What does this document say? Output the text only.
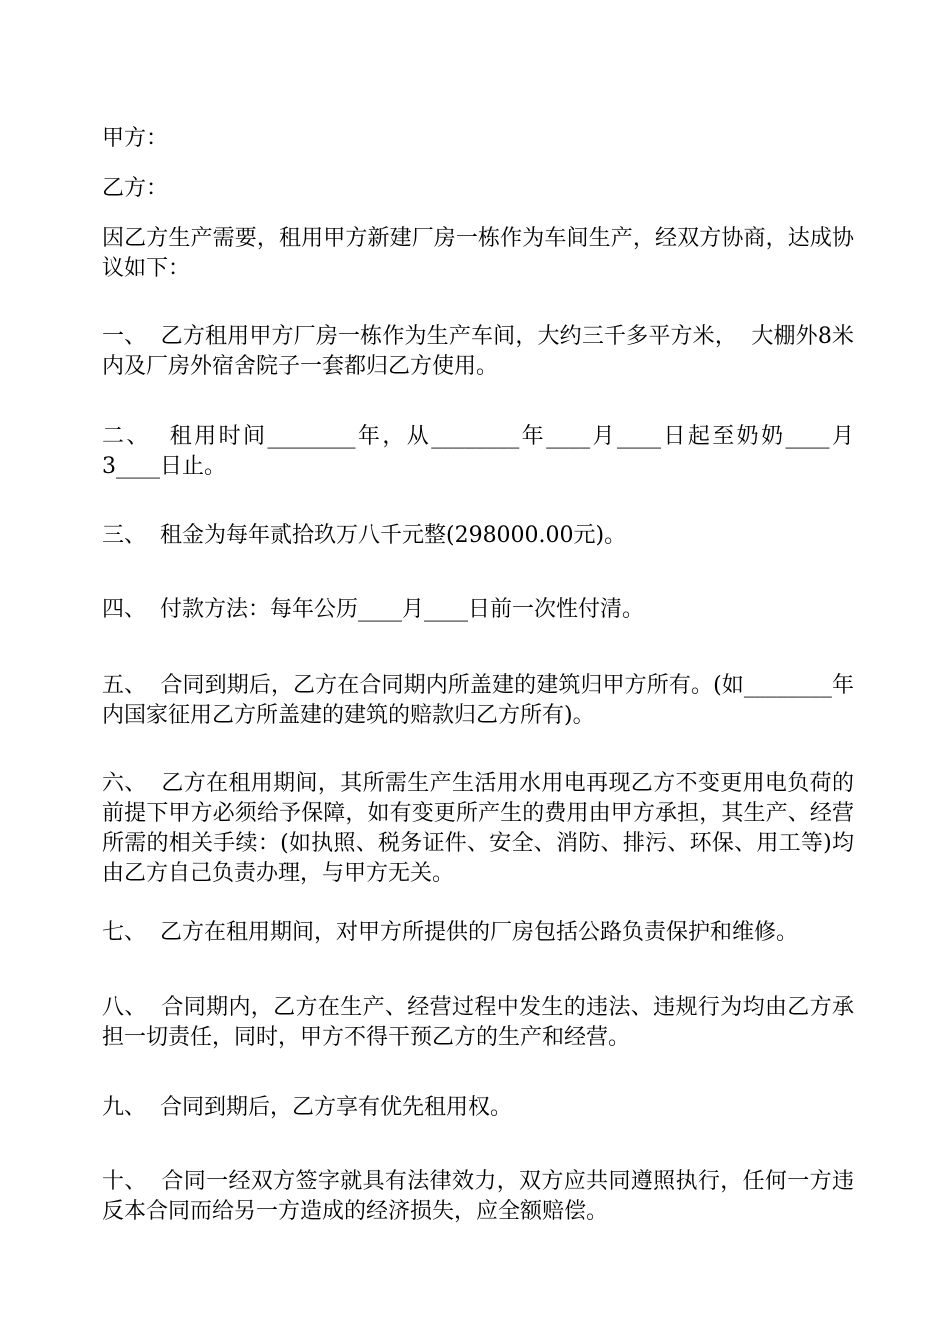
甲方：

乙方：

因乙方生产需要，租用甲方新建厂房一栋作为车间生产，经双方协商，达成协议如下：

一、  乙方租用甲方厂房一栋作为生产车间，大约三千多平方米，  大棚外8米内及厂房外宿舍院子一套都归乙方使用。

二、  租用时间________年，从________年____月____日起至奶奶____月3____日止。

三、  租金为每年贰拾玖万八千元整(298000.00元)。

四、  付款方法：每年公历____月____日前一次性付清。

五、  合同到期后，乙方在合同期内所盖建的建筑归甲方所有。(如________年内国家征用乙方所盖建的建筑的赔款归乙方所有)。

六、  乙方在租用期间，其所需生产生活用水用电再现乙方不变更用电负荷的前提下甲方必须给予保障，如有变更所产生的费用由甲方承担，其生产、经营所需的相关手续：(如执照、税务证件、安全、消防、排污、环保、用工等)均由乙方自己负责办理，与甲方无关。

七、  乙方在租用期间，对甲方所提供的厂房包括公路负责保护和维修。

八、  合同期内，乙方在生产、经营过程中发生的违法、违规行为均由乙方承担一切责任，同时，甲方不得干预乙方的生产和经营。

九、  合同到期后，乙方享有优先租用权。

十、  合同一经双方签字就具有法律效力，双方应共同遵照执行，任何一方违反本合同而给另一方造成的经济损失，应全额赔偿。
